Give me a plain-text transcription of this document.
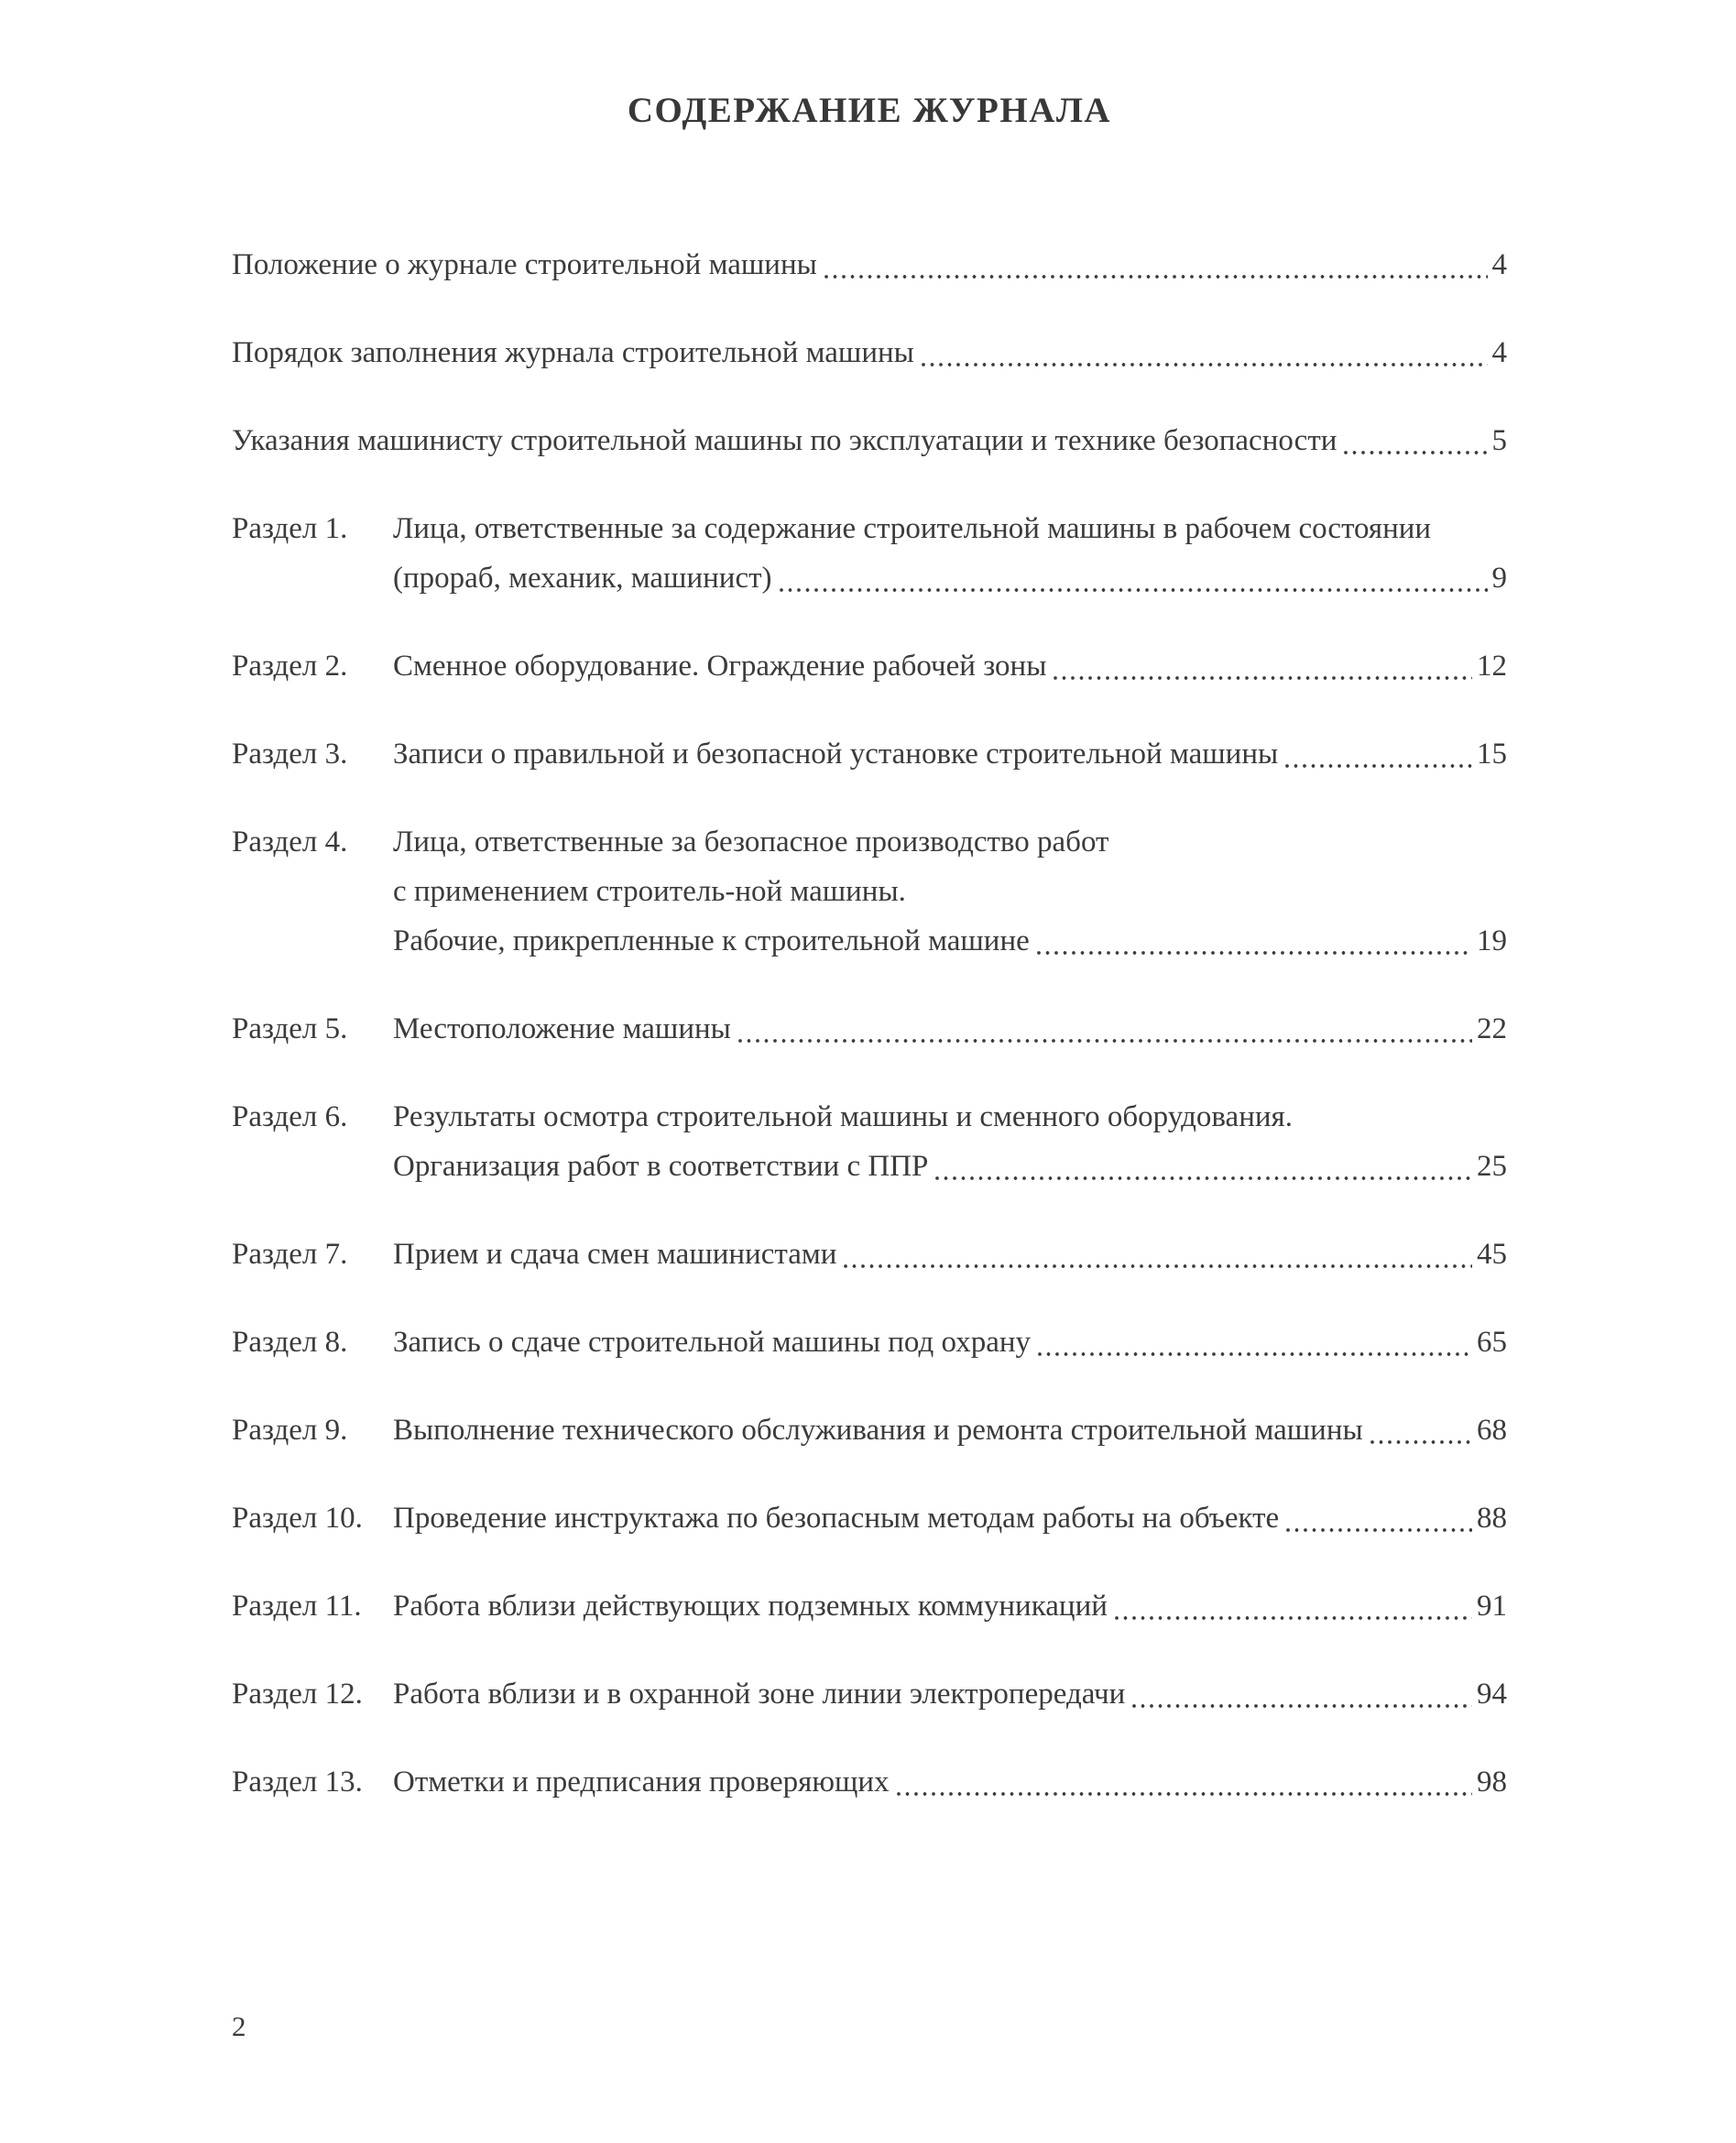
СОДЕРЖАНИЕ ЖУРНАЛА
Положение о журнале строительной машины	4
Порядок заполнения журнала строительной машины	4
Указания машинисту строительной машины по эксплуатации и технике безопасности	5
Раздел 1.	Лица, ответственные за содержание строительной машины в рабочем состоянии
(прораб, механик, машинист)	9
Раздел 2.	Сменное оборудование. Ограждение рабочей зоны	12
Раздел 3.	Записи о правильной и безопасной установке строительной машины	15
Раздел 4.	Лица, ответственные за безопасное производство работ
с применением строитель-ной машины.
Рабочие, прикрепленные к строительной машине	19
Раздел 5.	Местоположение машины	22
Раздел 6.	Результаты осмотра строительной машины и сменного оборудования.
Организация работ в соответствии с ППР	25
Раздел 7.	Прием и сдача смен машинистами	45
Раздел 8.	Запись о сдаче строительной машины под охрану	65
Раздел 9.	Выполнение технического обслуживания и ремонта строительной машины	68
Раздел 10.	Проведение инструктажа по безопасным методам работы на объекте	88
Раздел 11.	Работа вблизи действующих подземных коммуникаций	91
Раздел 12.	Работа вблизи и в охранной зоне линии электропередачи	94
Раздел 13.	Отметки и предписания проверяющих	98
2
